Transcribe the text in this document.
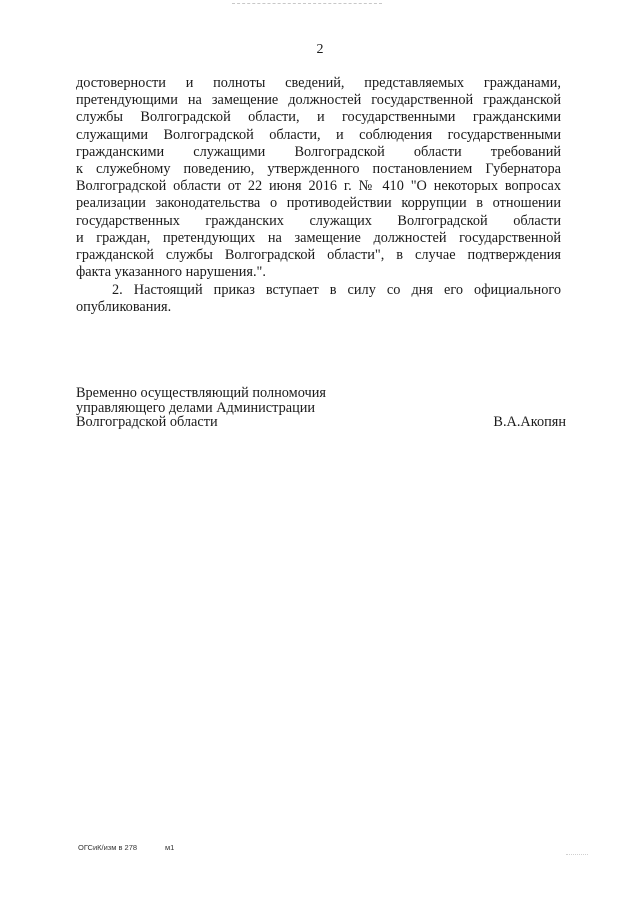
2

достоверности и полноты сведений, представляемых гражданами,
претендующими на замещение должностей государственной гражданской
службы Волгоградской области, и государственными гражданскими
служащими Волгоградской области, и соблюдения государственными
гражданскими служащими Волгоградской области требований
к служебному поведению, утвержденного постановлением Губернатора
Волгоградской области от 22 июня 2016 г. № 410 "О некоторых вопросах
реализации законодательства о противодействии коррупции в отношении
государственных гражданских служащих Волгоградской области
и граждан, претендующих на замещение должностей государственной
гражданской службы Волгоградской области", в случае подтверждения
факта указанного нарушения.".

2. Настоящий приказ вступает в силу со дня его официального
опубликования.

Временно осуществляющий полномочия
управляющего делами Администрации
Волгоградской области	В.А.Акопян
ОГСиК/изм в 278	м1
